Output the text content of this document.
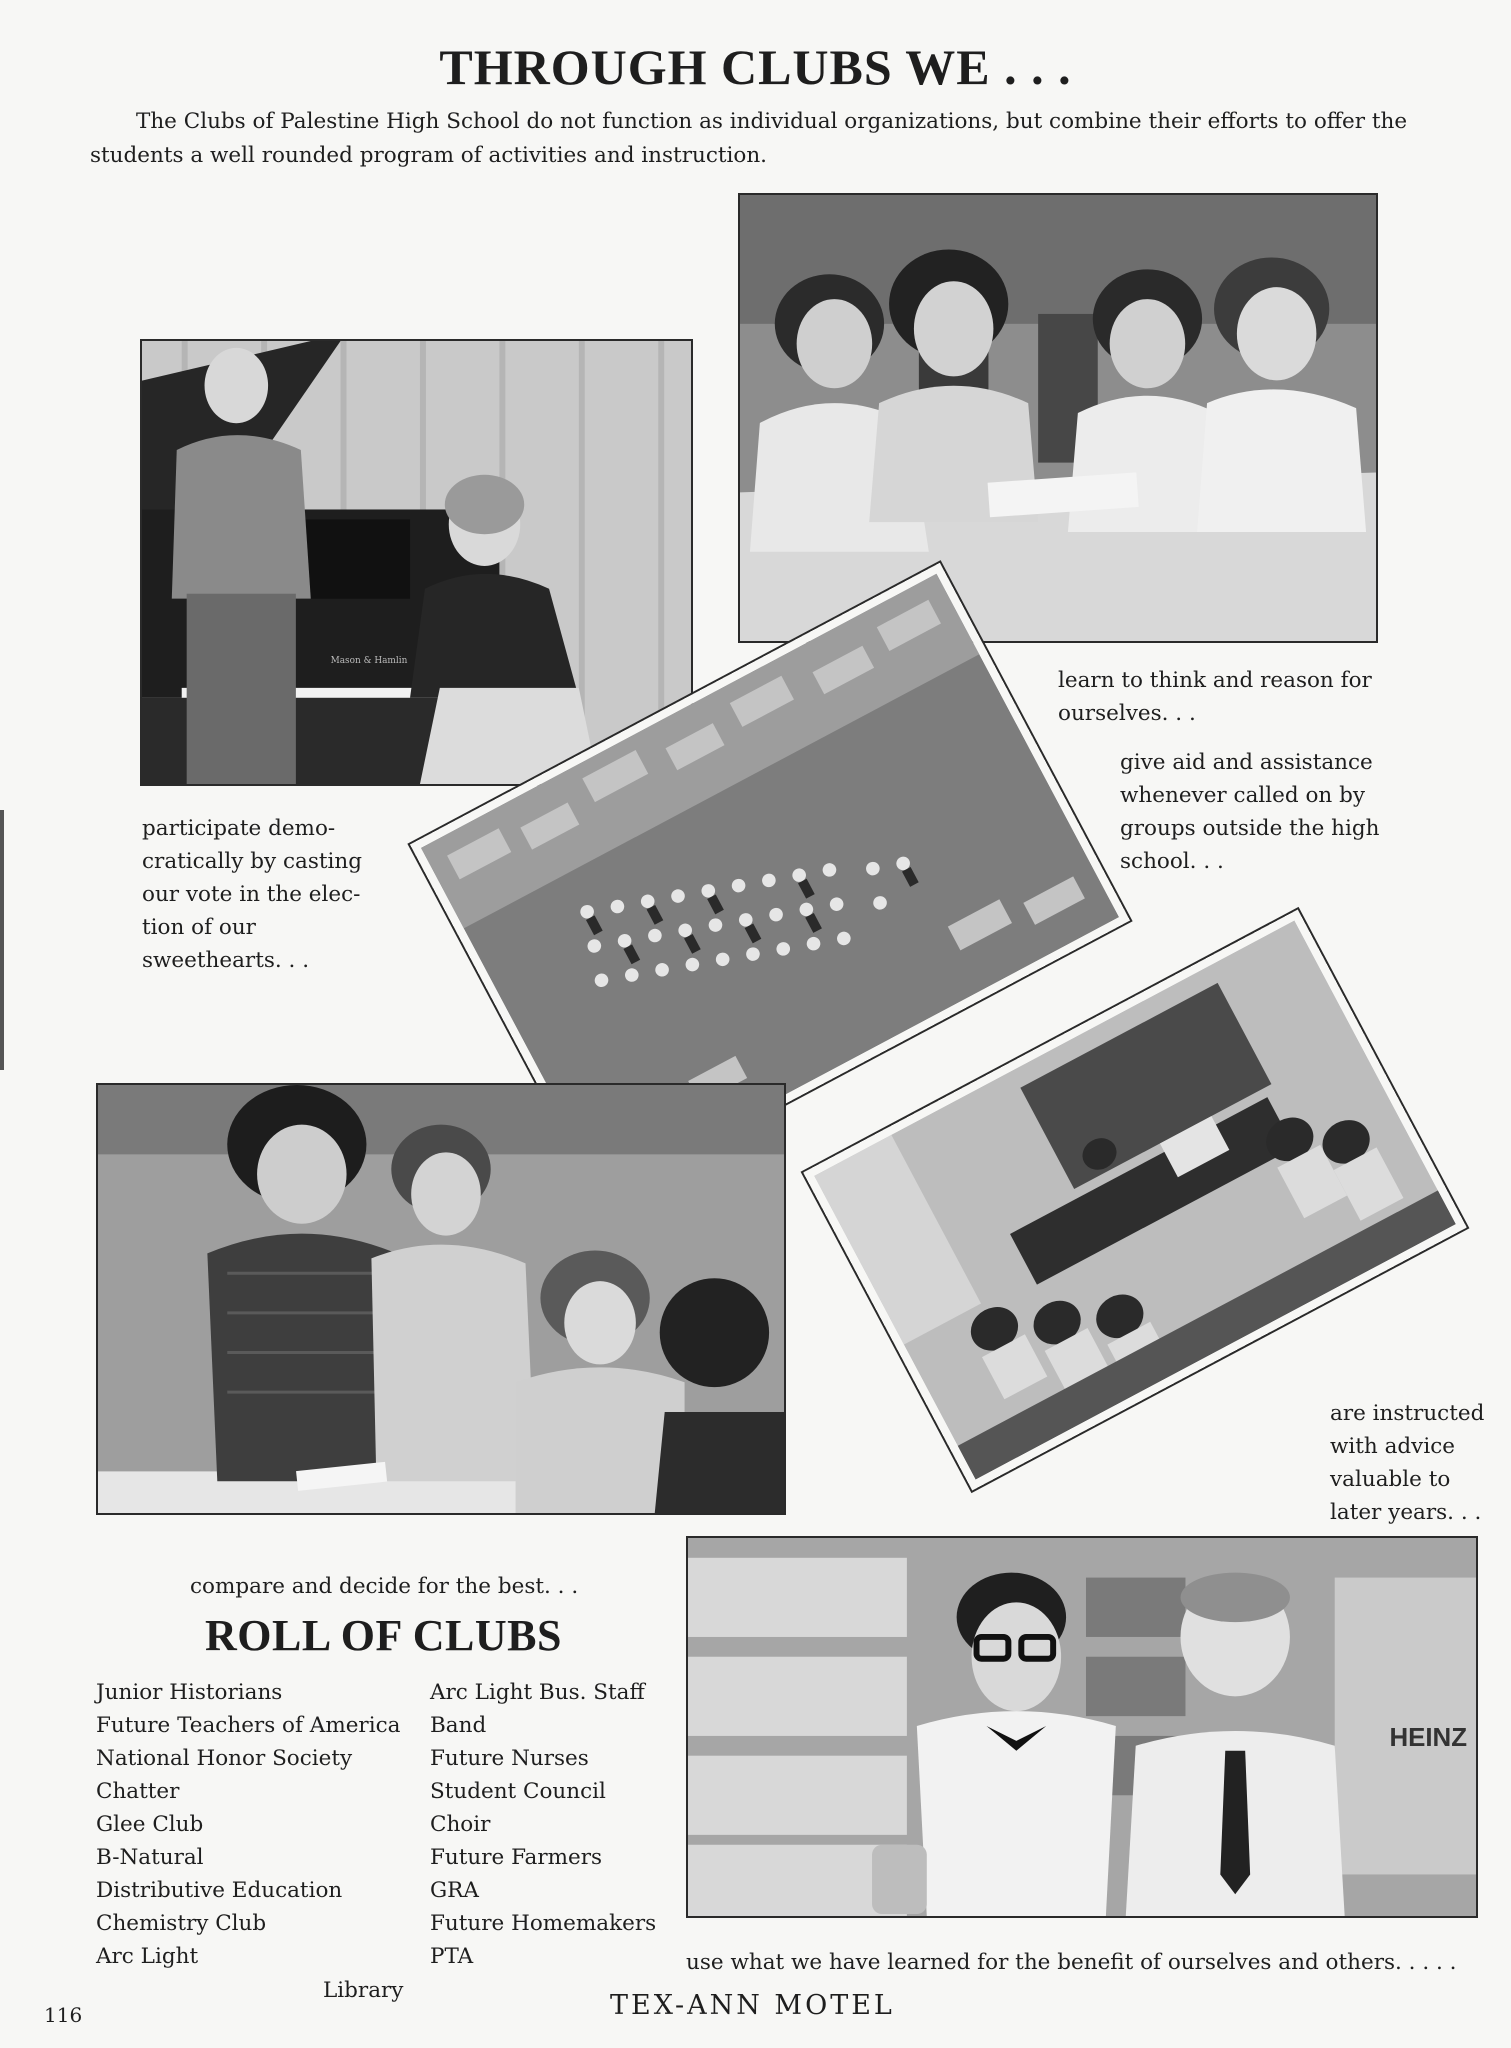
THROUGH CLUBS WE . . .
The Clubs of Palestine High School do not function as individual organizations, but combine their efforts to offer the students a well rounded program of activities and instruction.
Mason & Hamlin
HEINZ
learn to think and reason for ourselves. . .
give aid and assistance whenever called on by groups outside the high school. . .
participate demo- cratically by casting our vote in the elec- tion of our sweethearts. . .
are instructed with advice valuable to later years. . .
compare and decide for the best. . .
use what we have learned for the benefit of ourselves and others. . . . .
ROLL OF CLUBS
Junior Historians
Future Teachers of America
National Honor Society
Chatter
Glee Club
B-Natural
Distributive Education
Chemistry Club
Arc Light
Arc Light Bus. Staff
Band
Future Nurses
Student Council
Choir
Future Farmers
GRA
Future Homemakers
PTA
Library
116	TEX-ANN MOTEL
